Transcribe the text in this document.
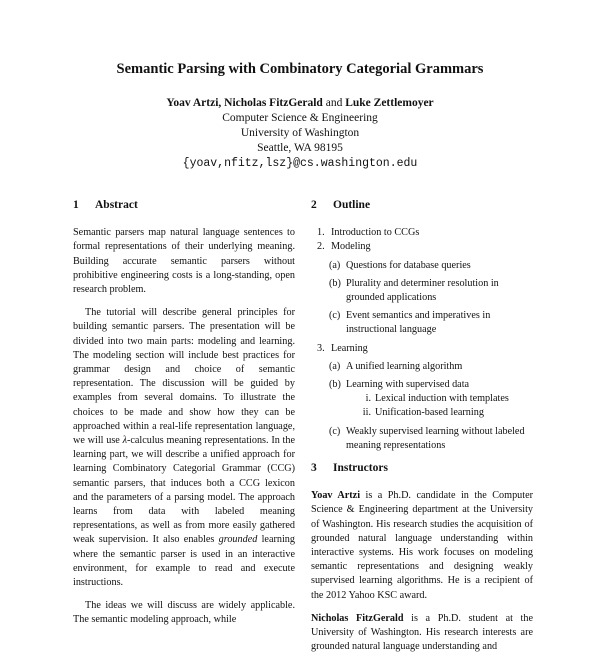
Semantic Parsing with Combinatory Categorial Grammars
Yoav Artzi, Nicholas FitzGerald and Luke Zettlemoyer
Computer Science & Engineering
University of Washington
Seattle, WA 98195
{yoav,nfitz,lsz}@cs.washington.edu
1	Abstract

Semantic parsers map natural language sentences to formal representations of their underlying meaning. Building accurate semantic parsers without prohibitive engineering costs is a long-standing, open research problem.

The tutorial will describe general principles for building semantic parsers. The presentation will be divided into two main parts: modeling and learning. The modeling section will include best practices for grammar design and choice of semantic representation. The discussion will be guided by examples from several domains. To illustrate the choices to be made and show how they can be approached within a real-life representation language, we will use λ-calculus meaning representations. In the learning part, we will describe a unified approach for learning Combinatory Categorial Grammar (CCG) semantic parsers, that induces both a CCG lexicon and the parameters of a parsing model. The approach learns from data with labeled meaning representations, as well as from more easily gathered weak supervision. It also enables grounded learning where the semantic parser is used in an interactive environment, for example to read and execute instructions.

The ideas we will discuss are widely applicable. The semantic modeling approach, while

2	Outline
1. Introduction to CCGs
2. Modeling
(a) Questions for database queries
(b) Plurality and determiner resolution in grounded applications
(c) Event semantics and imperatives in instructional language
3. Learning
(a) A unified learning algorithm
(b) Learning with supervised data
i. Lexical induction with templates
ii. Unification-based learning
(c) Weakly supervised learning without labeled meaning representations
3	Instructors

Yoav Artzi is a Ph.D. candidate in the Computer Science & Engineering department at the University of Washington. His research studies the acquisition of grounded natural language understanding within interactive systems. His work focuses on modeling semantic representations and designing weakly supervised learning algorithms. He is a recipient of the 2012 Yahoo KSC award.

Nicholas FitzGerald is a Ph.D. student at the University of Washington. His research interests are grounded natural language understanding and
